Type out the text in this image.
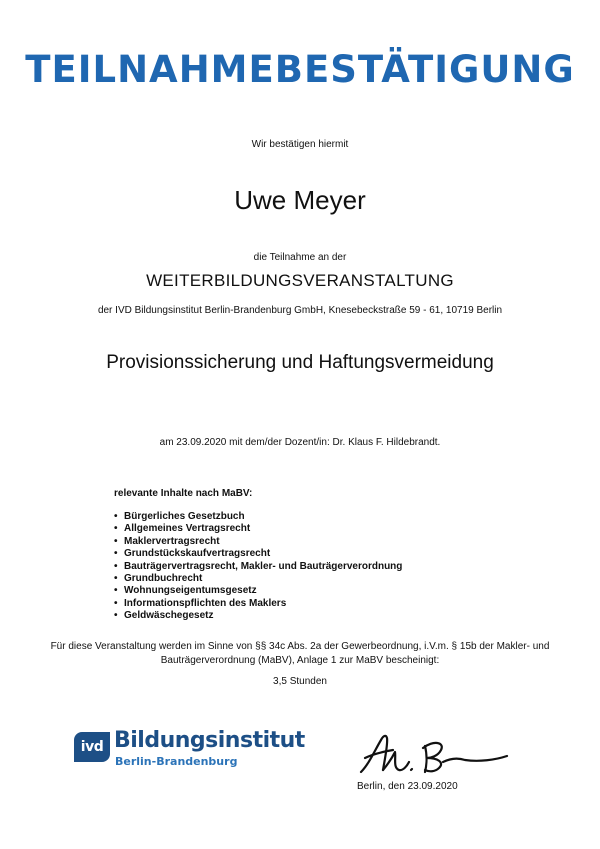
TEILNAHMEBESTÄTIGUNG
Wir bestätigen hiermit
Uwe Meyer
die Teilnahme an der
WEITERBILDUNGSVERANSTALTUNG
der IVD Bildungsinstitut Berlin-Brandenburg GmbH, Knesebeckstraße 59 - 61, 10719 Berlin
Provisionssicherung und Haftungsvermeidung
am 23.09.2020 mit dem/der Dozent/in: Dr. Klaus F. Hildebrandt.
relevante Inhalte nach MaBV:
• Bürgerliches Gesetzbuch
• Allgemeines Vertragsrecht
• Maklervertragsrecht
• Grundstückskaufvertragsrecht
• Bauträgervertragsrecht, Makler- und Bauträgerverordnung
• Grundbuchrecht
• Wohnungseigentumsgesetz
• Informationspflichten des Maklers
• Geldwäschegesetz
Für diese Veranstaltung werden im Sinne von §§ 34c Abs. 2a der Gewerbeordnung, i.V.m. § 15b der Makler- und Bauträgerverordnung (MaBV), Anlage 1 zur MaBV bescheinigt:
3,5 Stunden
ivd Bildungsinstitut
Berlin-Brandenburg
Berlin, den 23.09.2020
